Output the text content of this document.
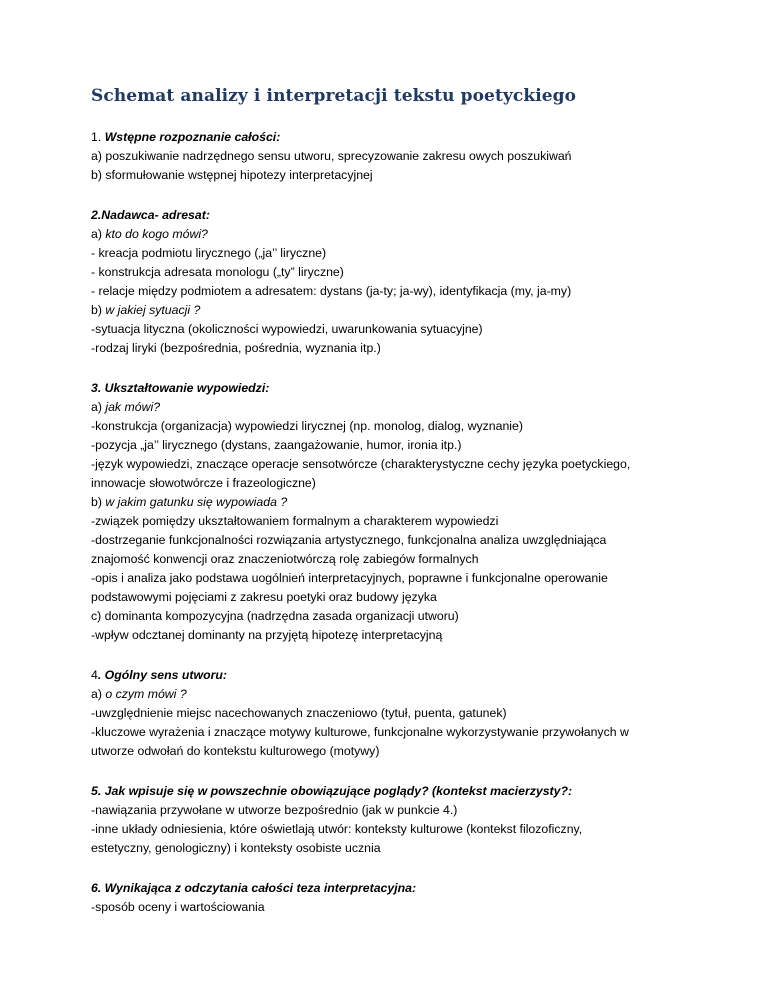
Schemat analizy i interpretacji tekstu poetyckiego

1. Wstępne rozpoznanie całości:

a) poszukiwanie nadrzędnego sensu utworu, sprecyzowanie zakresu owych poszukiwań

b) sformułowanie wstępnej hipotezy interpretacyjnej

2.Nadawca- adresat:

a) kto do kogo mówi?

- kreacja podmiotu lirycznego („ja’’ liryczne)

- konstrukcja adresata monologu („ty” liryczne)

- relacje między podmiotem a adresatem: dystans (ja-ty; ja-wy), identyfikacja (my, ja-my)

b) w jakiej sytuacji ?

-sytuacja lityczna (okoliczności wypowiedzi, uwarunkowania sytuacyjne)

-rodzaj liryki (bezpośrednia, pośrednia, wyznania itp.)

3. Ukształtowanie wypowiedzi:

a) jak mówi?

-konstrukcja (organizacja) wypowiedzi lirycznej (np. monolog, dialog, wyznanie)

-pozycja „ja’’ lirycznego (dystans, zaangażowanie, humor, ironia itp.)

-język wypowiedzi, znaczące operacje sensotwórcze (charakterystyczne cechy języka poetyckiego,

innowacje słowotwórcze i frazeologiczne)

b) w jakim gatunku się wypowiada ?

-związek pomiędzy ukształtowaniem formalnym a charakterem wypowiedzi

-dostrzeganie funkcjonalności rozwiązania artystycznego, funkcjonalna analiza uwzględniająca

znajomość konwencji oraz znaczeniotwórczą rolę zabiegów formalnych

-opis i analiza jako podstawa uogólnień interpretacyjnych, poprawne i funkcjonalne operowanie

podstawowymi pojęciami z zakresu poetyki oraz budowy języka

c) dominanta kompozycyjna (nadrzędna zasada organizacji utworu)

-wpływ odcztanej dominanty na przyjętą hipotezę interpretacyjną

4. Ogólny sens utworu:

a) o czym mówi ?

-uwzględnienie miejsc nacechowanych znaczeniowo (tytuł, puenta, gatunek)

-kluczowe wyrażenia i znaczące motywy kulturowe, funkcjonalne wykorzystywanie przywołanych w

utworze odwołań do kontekstu kulturowego (motywy)

5. Jak wpisuje się w powszechnie obowiązujące poglądy? (kontekst macierzysty?:

-nawiązania przywołane w utworze bezpośrednio (jak w punkcie 4.)

-inne układy odniesienia, które oświetlają utwór: konteksty kulturowe (kontekst filozoficzny,

estetyczny, genologiczny) i konteksty osobiste ucznia

6. Wynikająca z odczytania całości teza interpretacyjna:

-sposób oceny i wartościowania
